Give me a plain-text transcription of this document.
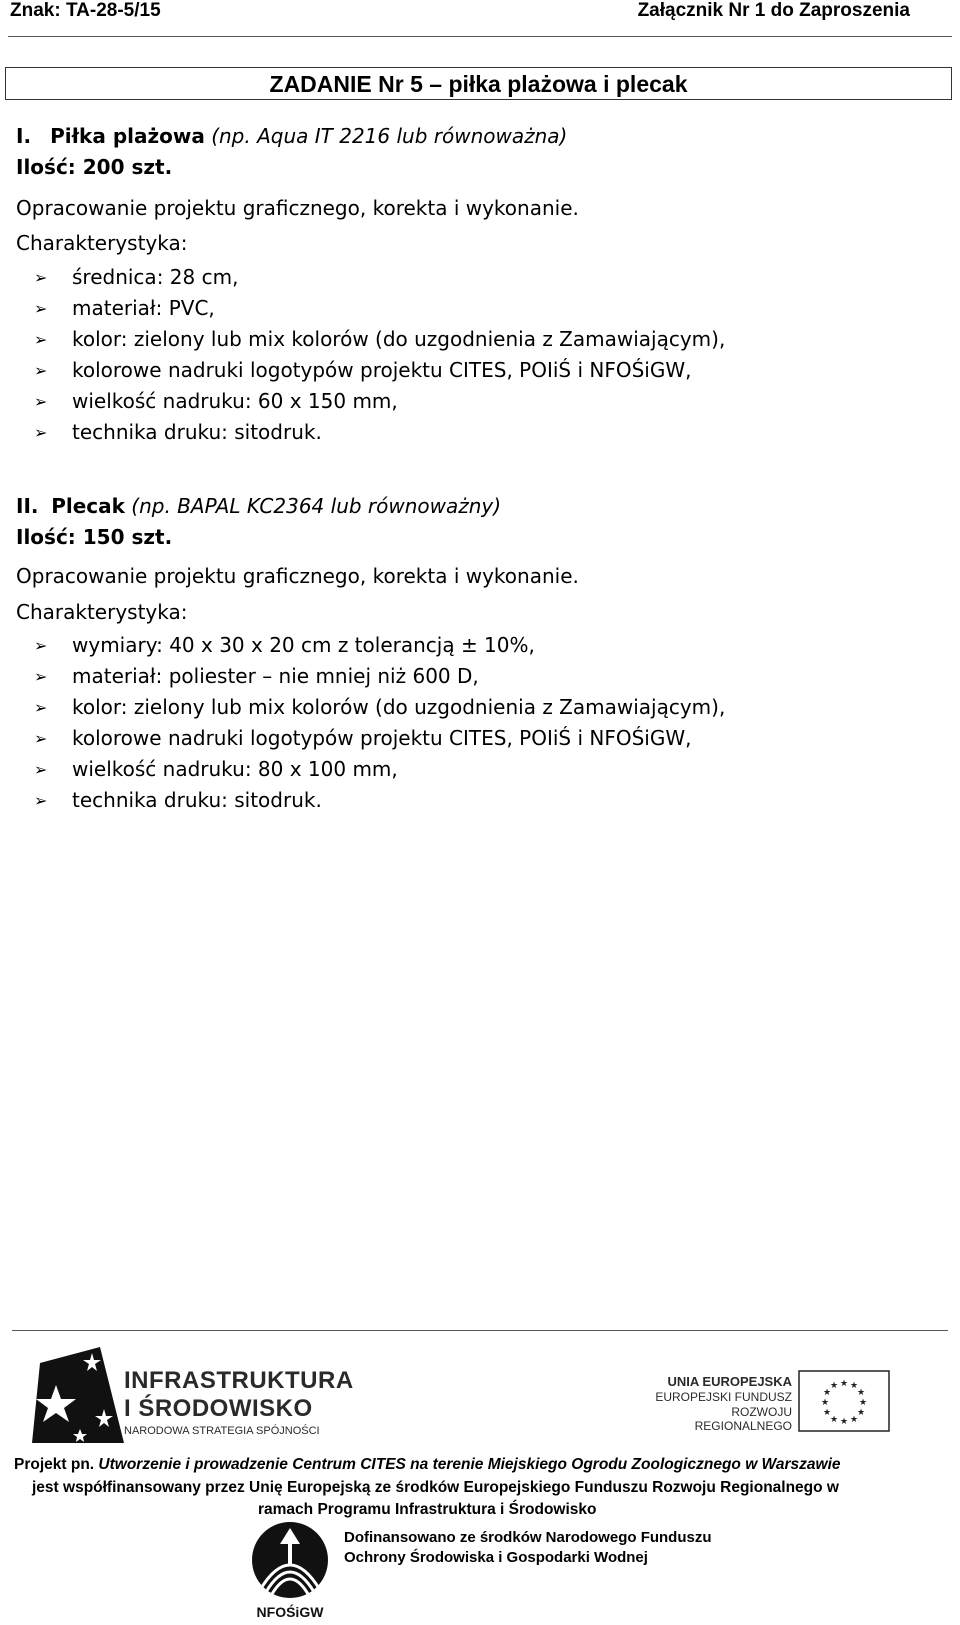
Znak: TA-28-5/15	Załącznik Nr 1 do Zaproszenia
ZADANIE Nr 5 – piłka plażowa i plecak
I. Piłka plażowa (np. Aqua IT 2216 lub równoważna)
Ilość: 200 szt.
Opracowanie projektu graficznego, korekta i wykonanie.
Charakterystyka:
➢	średnica: 28 cm,
➢	materiał: PVC,
➢	kolor: zielony lub mix kolorów (do uzgodnienia z Zamawiającym),
➢	kolorowe nadruki logotypów projektu CITES, POIiŚ i NFOŚiGW,
➢	wielkość nadruku: 60 x 150 mm,
➢	technika druku: sitodruk.
II. Plecak (np. BAPAL KC2364 lub równoważny)
Ilość: 150 szt.
Opracowanie projektu graficznego, korekta i wykonanie.
Charakterystyka:
➢	wymiary: 40 x 30 x 20 cm z tolerancją ± 10%,
➢	materiał: poliester – nie mniej niż 600 D,
➢	kolor: zielony lub mix kolorów (do uzgodnienia z Zamawiającym),
➢	kolorowe nadruki logotypów projektu CITES, POIiŚ i NFOŚiGW,
➢	wielkość nadruku: 80 x 100 mm,
➢	technika druku: sitodruk.
INFRASTRUKTURA
I ŚRODOWISKO
NARODOWA STRATEGIA SPÓJNOŚCI
UNIA EUROPEJSKA
EUROPEJSKI FUNDUSZ
ROZWOJU REGIONALNEGO
★ ★
★
★
★
★
★
★
★
★
★
★
Projekt pn. Utworzenie i prowadzenie Centrum CITES na terenie Miejskiego Ogrodu Zoologicznego w Warszawie
jest współfinansowany przez Unię Europejską ze środków Europejskiego Funduszu Rozwoju Regionalnego w
ramach Programu Infrastruktura i Środowisko
NFOŚiGW
Dofinansowano ze środków Narodowego Funduszu
Ochrony Środowiska i Gospodarki Wodnej
